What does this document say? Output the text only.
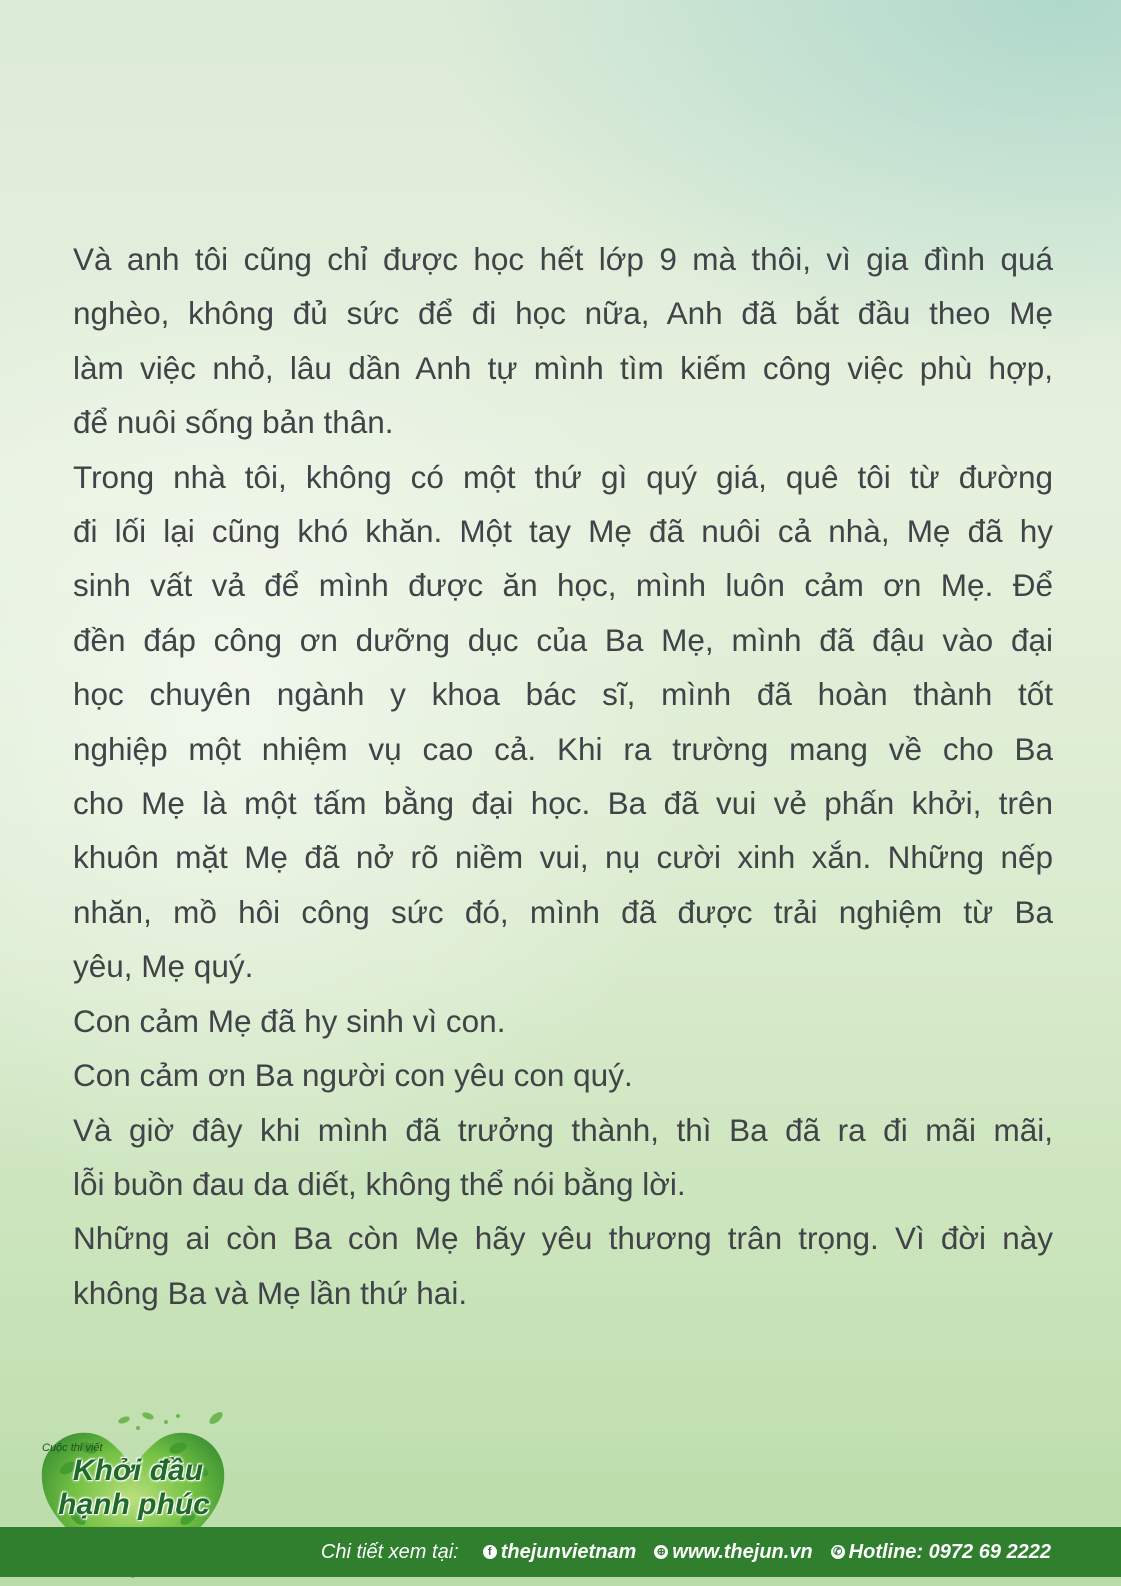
Và anh tôi cũng chỉ được học hết lớp 9 mà thôi, vì gia đình quá
nghèo, không đủ sức để đi học nữa, Anh đã bắt đầu theo Mẹ
làm việc nhỏ, lâu dần Anh tự mình tìm kiếm công việc phù hợp,
để nuôi sống bản thân.

Trong nhà tôi, không có một thứ gì quý giá, quê tôi từ đường
đi lối lại cũng khó khăn. Một tay Mẹ đã nuôi cả nhà, Mẹ đã hy
sinh vất vả để mình được ăn học, mình luôn cảm ơn Mẹ. Để
đền đáp công ơn dưỡng dục của Ba Mẹ, mình đã đậu vào đại
học chuyên ngành y khoa bác sĩ, mình đã hoàn thành tốt
nghiệp một nhiệm vụ cao cả. Khi ra trường mang về cho Ba
cho Mẹ là một tấm bằng đại học. Ba đã vui vẻ phấn khởi, trên
khuôn mặt Mẹ đã nở rõ niềm vui, nụ cười xinh xắn. Những nếp
nhăn, mồ hôi công sức đó, mình đã được trải nghiệm từ Ba
yêu, Mẹ quý.

Con cảm Mẹ đã hy sinh vì con.

Con cảm ơn Ba người con yêu con quý.

Và giờ đây khi mình đã trưởng thành, thì Ba đã ra đi mãi mãi,
lỗi buồn đau da diết, không thể nói bằng lời.

Những ai còn Ba còn Mẹ hãy yêu thương trân trọng. Vì đời này
không Ba và Mẹ lần thứ hai.

Cuộc thi viết
Khởi đầu
hạnh phúc
Chi tiết xem tại:	f thejunvietnam ⊕ www.thejun.vn ✆ Hotline: 0972 69 2222
